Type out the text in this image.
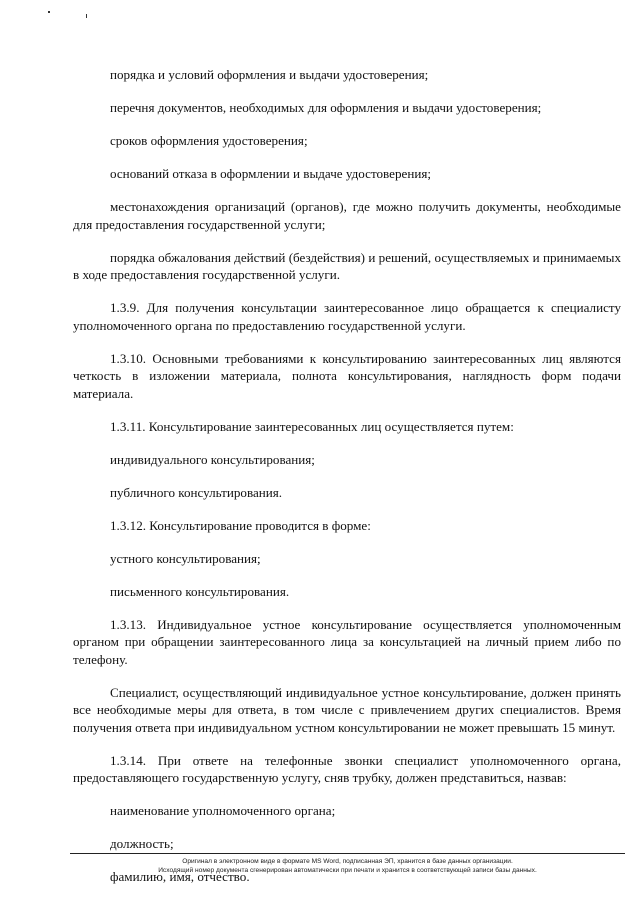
порядка и условий оформления и выдачи удостоверения;

перечня документов, необходимых для оформления и выдачи удостоверения;

сроков оформления удостоверения;

оснований отказа в оформлении и выдаче удостоверения;

местонахождения организаций (органов), где можно получить документы, необходимые для предоставления государственной услуги;

порядка обжалования действий (бездействия) и решений, осуществляемых и принимаемых в ходе предоставления государственной услуги.

1.3.9. Для получения консультации заинтересованное лицо обращается к специалисту уполномоченного органа по предоставлению государственной услуги.

1.3.10. Основными требованиями к консультированию заинтересованных лиц являются четкость в изложении материала, полнота консультирования, наглядность форм подачи материала.

1.3.11. Консультирование заинтересованных лиц осуществляется путем:

индивидуального консультирования;

публичного консультирования.

1.3.12. Консультирование проводится в форме:

устного консультирования;

письменного консультирования.

1.3.13. Индивидуальное устное консультирование осуществляется уполномоченным органом при обращении заинтересованного лица за консультацией на личный прием либо по телефону.

Специалист, осуществляющий индивидуальное устное консультирование, должен принять все необходимые меры для ответа, в том числе с привлечением других специалистов. Время получения ответа при индивидуальном устном консультировании не может превышать 15 минут.

1.3.14. При ответе на телефонные звонки специалист уполномоченного органа, предоставляющего государственную услугу, сняв трубку, должен представиться, назвав:

наименование уполномоченного органа;

должность;

фамилию, имя, отчество.

Оригинал в электронном виде в формате MS Word, подписанная ЭП, хранится в базе данных организации.
Исходящий номер документа сгенерирован автоматически при печати и хранится в соответствующей записи базы данных.
